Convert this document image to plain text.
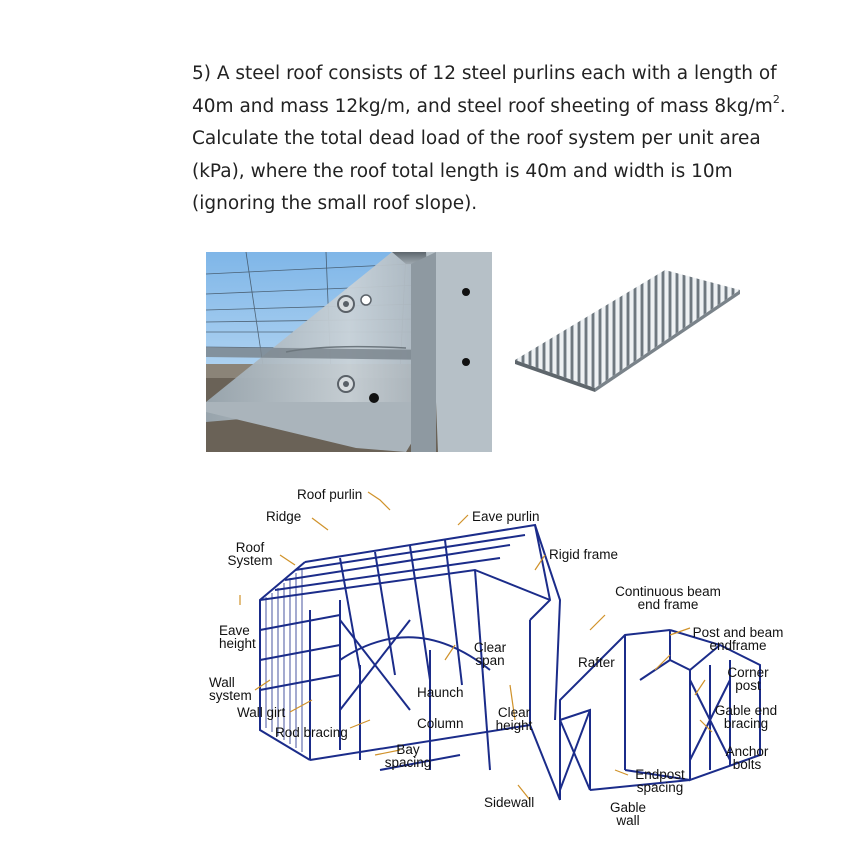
5) A steel roof consists of 12 steel purlins each with a length of 40m and mass 12kg/m, and steel roof sheeting of mass $8kg/m^2$. Calculate the total dead load of the roof system per unit area (kPa), where the roof total length is 40m and width is 10m (ignoring the small roof slope).

Roof purlin
Ridge	Eave purlin
Roof
System	Rigid frame
Continuous beam
end frame
Eave
height
Post and beam
endframe
Clear
span	Rafter
Corner
post
Wall
system	Haunch
Wall girt	Gable end
bracing
Clear
height
Column
Rod bracing
Anchor
bolts
Bay
spacing
Endpost
spacing
Sidewall	Gable
wall
